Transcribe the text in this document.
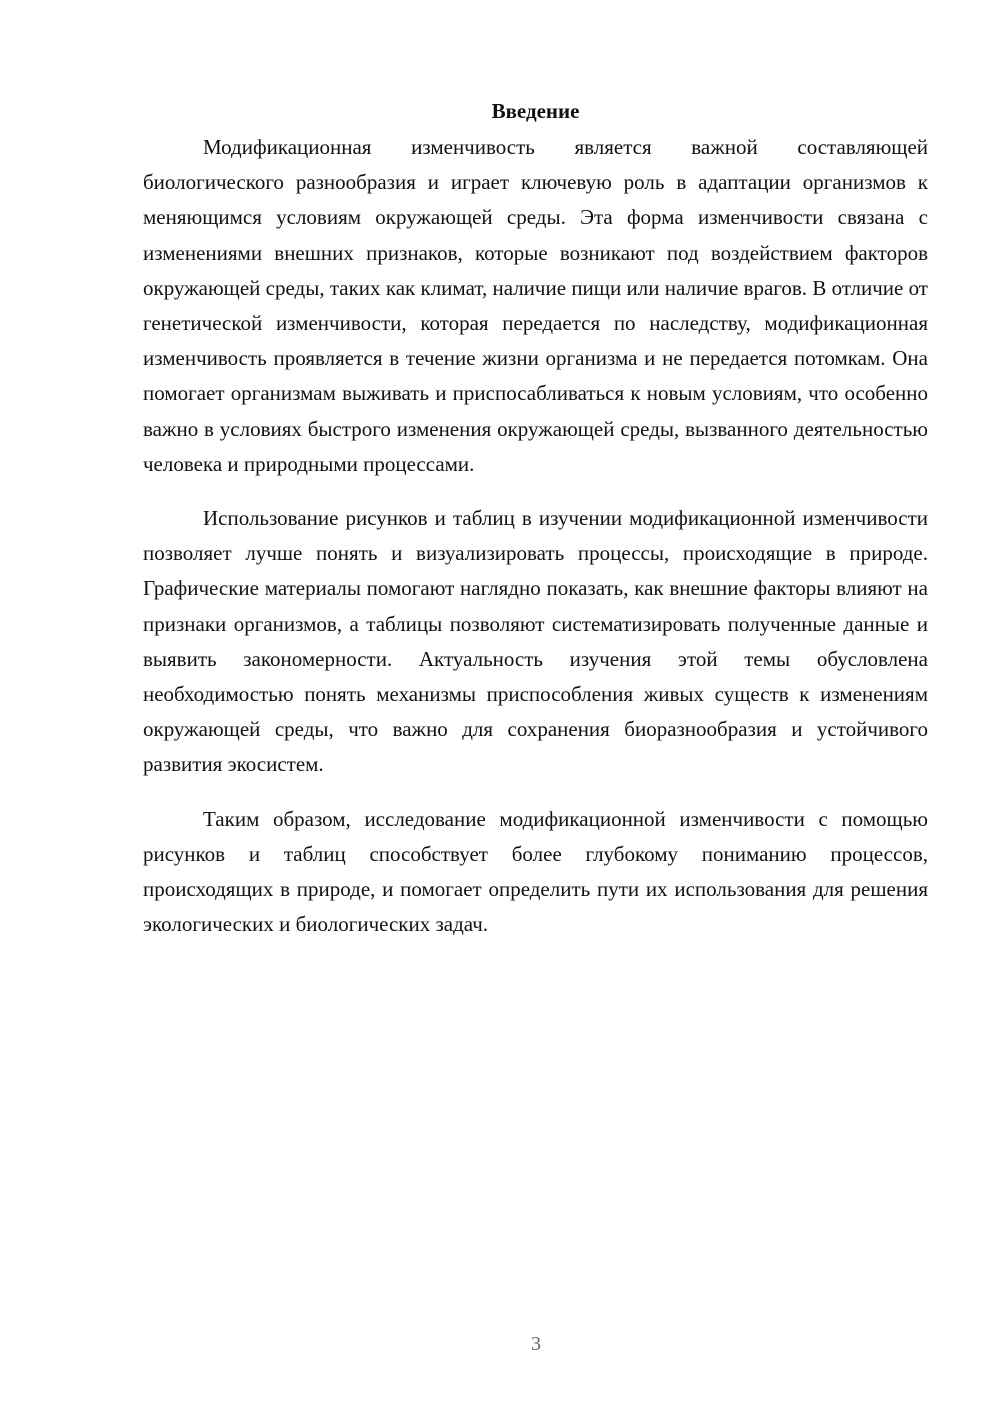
Введение

Модификационная изменчивость является важной составляющей биологического разнообразия и играет ключевую роль в адаптации организмов к меняющимся условиям окружающей среды. Эта форма изменчивости связана с изменениями внешних признаков, которые возникают под воздействием факторов окружающей среды, таких как климат, наличие пищи или наличие врагов. В отличие от генетической изменчивости, которая передается по наследству, модификационная изменчивость проявляется в течение жизни организма и не передается потомкам. Она помогает организмам выживать и приспосабливаться к новым условиям, что особенно важно в условиях быстрого изменения окружающей среды, вызванного деятельностью человека и природными процессами.

Использование рисунков и таблиц в изучении модификационной изменчивости позволяет лучше понять и визуализировать процессы, происходящие в природе. Графические материалы помогают наглядно показать, как внешние факторы влияют на признаки организмов, а таблицы позволяют систематизировать полученные данные и выявить закономерности. Актуальность изучения этой темы обусловлена необходимостью понять механизмы приспособления живых существ к изменениям окружающей среды, что важно для сохранения биоразнообразия и устойчивого развития экосистем.

Таким образом, исследование модификационной изменчивости с помощью рисунков и таблиц способствует более глубокому пониманию процессов, происходящих в природе, и помогает определить пути их использования для решения экологических и биологических задач.

3
